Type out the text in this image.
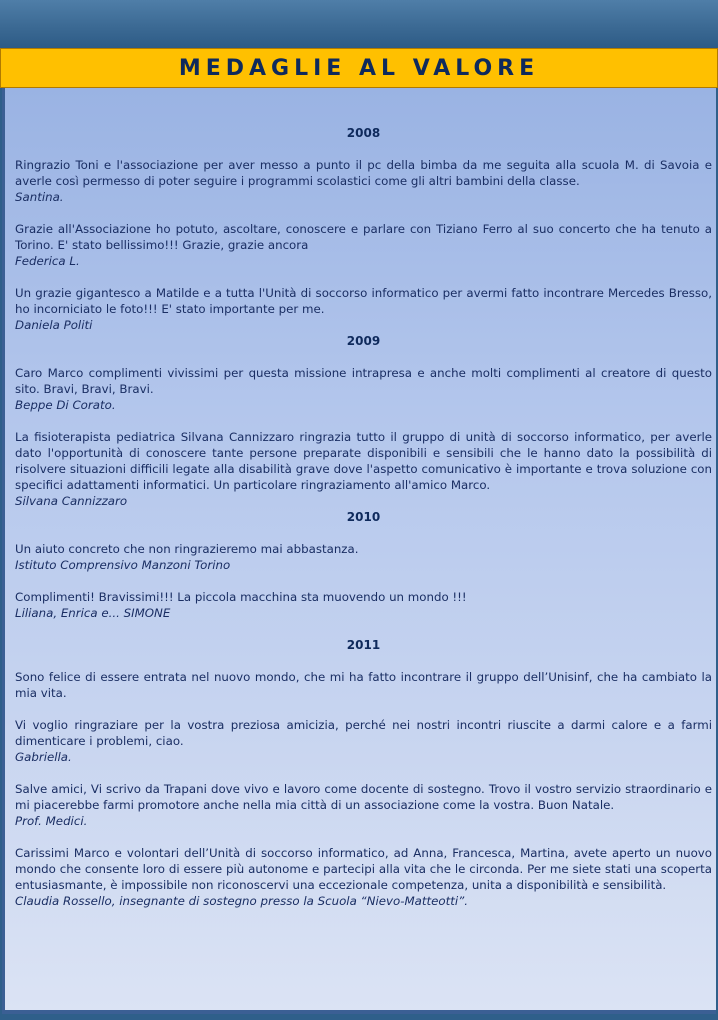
MEDAGLIE AL VALORE
2008

Ringrazio Toni e l'associazione per aver messo a punto il pc della bimba da me seguita alla scuola M. di Savoia e averle così permesso di poter seguire i programmi scolastici come gli altri bambini della classe.

Santina.

Grazie all'Associazione ho potuto, ascoltare, conoscere e parlare con Tiziano Ferro al suo concerto che ha tenuto a Torino. E' stato bellissimo!!! Grazie, grazie ancora

Federica L.

Un grazie gigantesco a Matilde e a tutta l'Unità di soccorso informatico per avermi fatto incontrare Mercedes Bresso, ho incorniciato le foto!!! E' stato importante per me.

Daniela Politi

2009

Caro Marco complimenti vivissimi per questa missione intrapresa e anche molti complimenti al creatore di questo sito. Bravi, Bravi, Bravi.

Beppe Di Corato.

La fisioterapista pediatrica Silvana Cannizzaro ringrazia tutto il gruppo di unità di soccorso informatico, per averle dato l'opportunità di conoscere tante persone preparate disponibili e sensibili che le hanno dato la possibilità di risolvere situazioni difficili legate alla disabilità grave dove l'aspetto comunicativo è importante e trova soluzione con specifici adattamenti informatici. Un particolare ringraziamento all'amico Marco.

Silvana Cannizzaro

2010

Un aiuto concreto che non ringrazieremo mai abbastanza.

Istituto Comprensivo Manzoni Torino

Complimenti! Bravissimi!!! La piccola macchina sta muovendo un mondo !!!

Liliana, Enrica e... SIMONE

2011

Sono felice di essere entrata nel nuovo mondo, che mi ha fatto incontrare il gruppo dell’Unisinf, che ha cambiato la mia vita.

Vi voglio ringraziare per la vostra preziosa amicizia, perché nei nostri incontri riuscite a darmi calore e a farmi dimenticare i problemi, ciao.

Gabriella.

Salve amici, Vi scrivo da Trapani dove vivo e lavoro come docente di sostegno. Trovo il vostro servizio straordinario e mi piacerebbe farmi promotore anche nella mia città di un associazione come la vostra. Buon Natale.

Prof. Medici.

Carissimi Marco e volontari dell’Unità di soccorso informatico, ad Anna, Francesca, Martina, avete aperto un nuovo mondo che consente loro di essere più autonome e partecipi alla vita che le circonda. Per me siete stati una scoperta entusiasmante, è impossibile non riconoscervi una eccezionale competenza, unita a disponibilità e sensibilità.

Claudia Rossello, insegnante di sostegno presso la Scuola “Nievo-Matteotti”.
